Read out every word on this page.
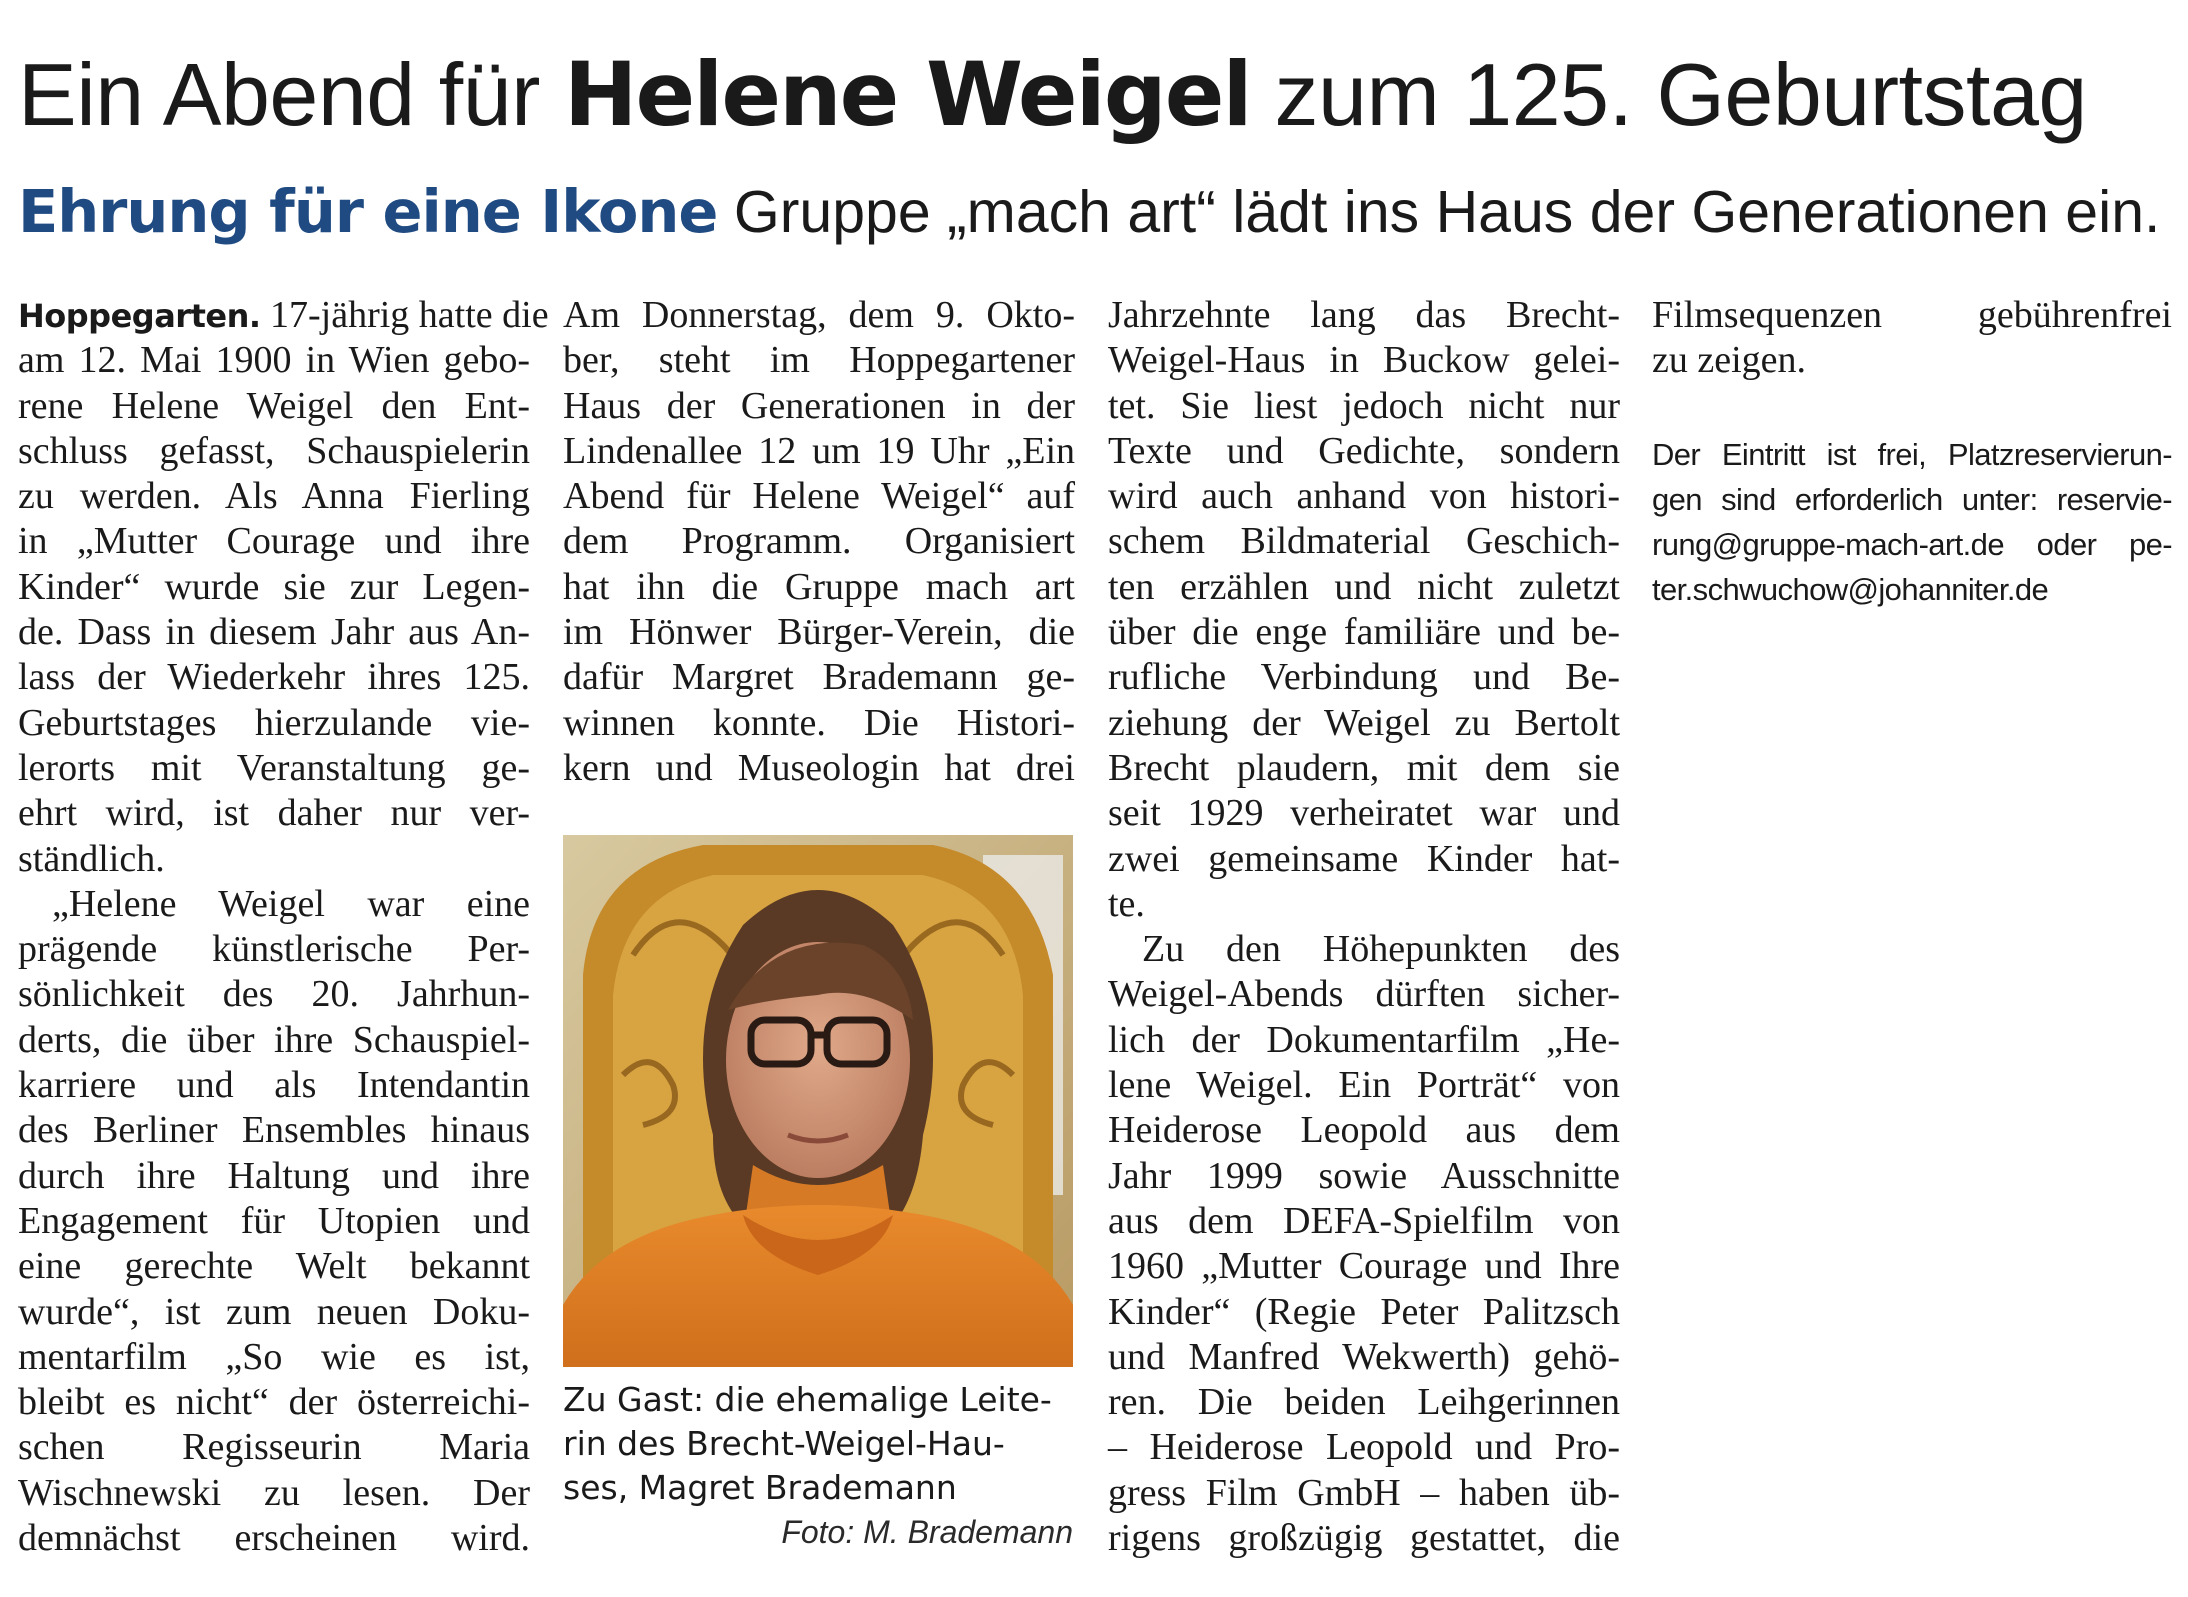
Ein Abend für Helene Weigel zum 125. Geburtstag
Ehrung für eine Ikone Gruppe „mach art“ lädt ins Haus der Generationen ein.
Hoppegarten. 17-jährig hatte die
am 12. Mai 1900 in Wien gebo-
rene Helene Weigel den Ent-
schluss gefasst, Schauspielerin
zu werden. Als Anna Fierling
in „Mutter Courage und ihre
Kinder“ wurde sie zur Legen-
de. Dass in diesem Jahr aus An-
lass der Wiederkehr ihres 125.
Geburtstages hierzulande vie-
lerorts mit Veranstaltung ge-
ehrt wird, ist daher nur ver-
ständlich.
„Helene Weigel war eine
prägende künstlerische Per-
sönlichkeit des 20. Jahrhun-
derts, die über ihre Schauspiel-
karriere und als Intendantin
des Berliner Ensembles hinaus
durch ihre Haltung und ihre
Engagement für Utopien und
eine gerechte Welt bekannt
wurde“, ist zum neuen Doku-
mentarfilm „So wie es ist,
bleibt es nicht“ der österreichi-
schen Regisseurin Maria
Wischnewski zu lesen. Der
demnächst erscheinen wird.
Am Donnerstag, dem 9. Okto-
ber, steht im Hoppegartener
Haus der Generationen in der
Lindenallee 12 um 19 Uhr „Ein
Abend für Helene Weigel“ auf
dem Programm. Organisiert
hat ihn die Gruppe mach art
im Hönwer Bürger-Verein, die
dafür Margret Brademann ge-
winnen konnte. Die Histori-
kern und Museologin hat drei
Zu Gast: die ehemalige Leite-
rin des Brecht-Weigel-Hau-
ses, Magret Brademann
Foto: M. Brademann
Jahrzehnte lang das Brecht-
Weigel-Haus in Buckow gelei-
tet. Sie liest jedoch nicht nur
Texte und Gedichte, sondern
wird auch anhand von histori-
schem Bildmaterial Geschich-
ten erzählen und nicht zuletzt
über die enge familiäre und be-
rufliche Verbindung und Be-
ziehung der Weigel zu Bertolt
Brecht plaudern, mit dem sie
seit 1929 verheiratet war und
zwei gemeinsame Kinder hat-
te.
Zu den Höhepunkten des
Weigel-Abends dürften sicher-
lich der Dokumentarfilm „He-
lene Weigel. Ein Porträt“ von
Heiderose Leopold aus dem
Jahr 1999 sowie Ausschnitte
aus dem DEFA-Spielfilm von
1960 „Mutter Courage und Ihre
Kinder“ (Regie Peter Palitzsch
und Manfred Wekwerth) gehö-
ren. Die beiden Leihgerinnen
– Heiderose Leopold und Pro-
gress Film GmbH – haben üb-
rigens großzügig gestattet, die
Filmsequenzen gebührenfrei
zu zeigen.
Der Eintritt ist frei, Platzreservierun-
gen sind erforderlich unter: reservie-
rung@gruppe-mach-art.de oder pe-
ter.schwuchow@johanniter.de
